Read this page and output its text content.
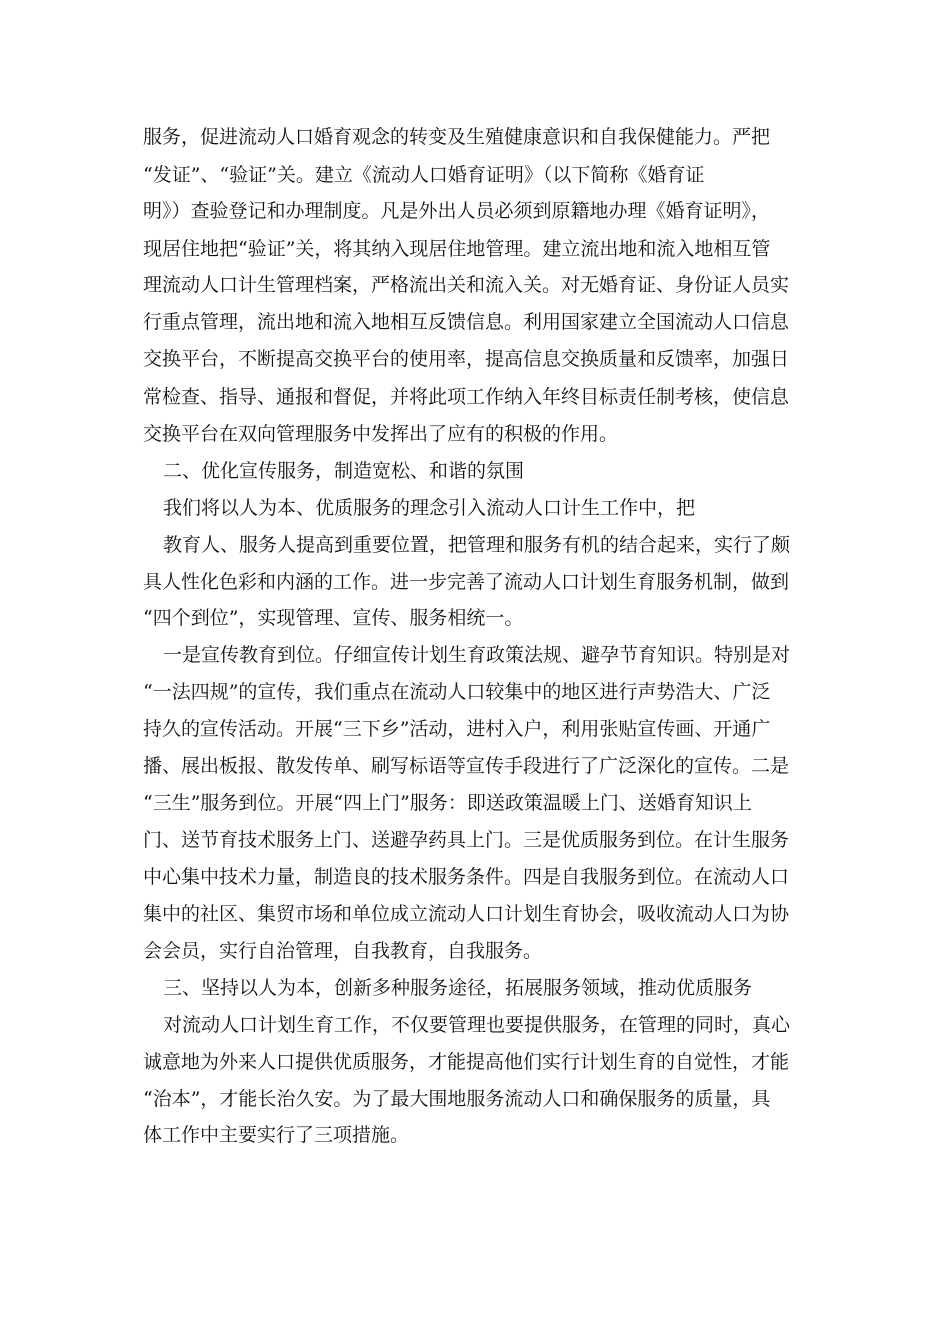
服务，促进流动人口婚育观念的转变及生殖健康意识和自我保健能力。严把
“发证”、“验证”关。建立《流动人口婚育证明》（以下简称《婚育证
明》）查验登记和办理制度。凡是外出人员必须到原籍地办理《婚育证明》，
现居住地把“验证”关，将其纳入现居住地管理。建立流出地和流入地相互管
理流动人口计生管理档案，严格流出关和流入关。对无婚育证、身份证人员实
行重点管理，流出地和流入地相互反馈信息。利用国家建立全国流动人口信息
交换平台，不断提高交换平台的使用率，提高信息交换质量和反馈率，加强日
常检查、指导、通报和督促，并将此项工作纳入年终目标责任制考核，使信息
交换平台在双向管理服务中发挥出了应有的积极的作用。
二、优化宣传服务，制造宽松、和谐的氛围
我们将以人为本、优质服务的理念引入流动人口计生工作中，把
教育人、服务人提高到重要位置，把管理和服务有机的结合起来，实行了颇
具人性化色彩和内涵的工作。进一步完善了流动人口计划生育服务机制，做到
“四个到位”，实现管理、宣传、服务相统一。
一是宣传教育到位。仔细宣传计划生育政策法规、避孕节育知识。特别是对
“一法四规”的宣传，我们重点在流动人口较集中的地区进行声势浩大、广泛
持久的宣传活动。开展“三下乡”活动，进村入户，利用张贴宣传画、开通广
播、展出板报、散发传单、刷写标语等宣传手段进行了广泛深化的宣传。二是
“三生”服务到位。开展“四上门”服务：即送政策温暖上门、送婚育知识上
门、送节育技术服务上门、送避孕药具上门。三是优质服务到位。在计生服务
中心集中技术力量，制造良的技术服务条件。四是自我服务到位。在流动人口
集中的社区、集贸市场和单位成立流动人口计划生育协会，吸收流动人口为协
会会员，实行自治管理，自我教育，自我服务。
三、坚持以人为本，创新多种服务途径，拓展服务领域，推动优质服务
对流动人口计划生育工作，不仅要管理也要提供服务，在管理的同时，真心
诚意地为外来人口提供优质服务，才能提高他们实行计划生育的自觉性，才能
“治本”，才能长治久安。为了最大围地服务流动人口和确保服务的质量，具
体工作中主要实行了三项措施。
